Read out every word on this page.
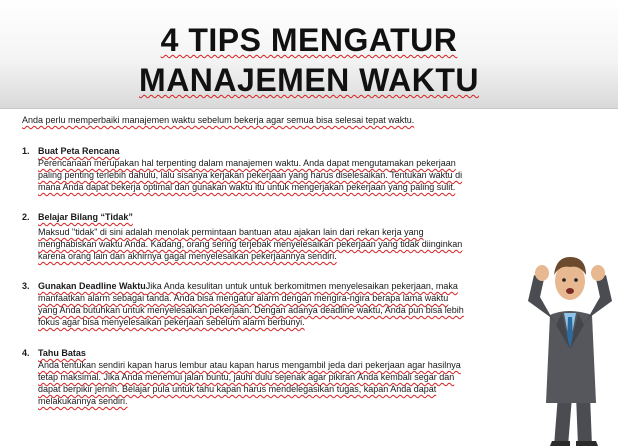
4 TIPS MENGATUR
MANAJEMEN WAKTU
Anda perlu memperbaiki manajemen waktu sebelum bekerja agar semua bisa selesai tepat waktu.
1. Buat Peta Rencana
Perencanaan merupakan hal terpenting dalam manajemen waktu. Anda dapat mengutamakan pekerjaan
paling penting terlebih dahulu, lalu sisanya kerjakan pekerjaan yang harus diselesaikan. Tentukan waktu di
mana Anda dapat bekerja optimal dan gunakan waktu itu untuk mengerjakan pekerjaan yang paling sulit.
2. Belajar Bilang “Tidak”
Maksud "tidak" di sini adalah menolak permintaan bantuan atau ajakan lain dari rekan kerja yang
menghabiskan waktu Anda. Kadang, orang sering terjebak menyelesaikan pekerjaan yang tidak diinginkan
karena orang lain dan akhirnya gagal menyelesaikan pekerjaannya sendiri.
3. Gunakan Deadline WaktuJika Anda kesulitan untuk untuk berkomitmen menyelesaikan pekerjaan, maka
manfaatkan alarm sebagai tanda. Anda bisa mengatur alarm dengan mengira-ngira berapa lama waktu
yang Anda butuhkan untuk menyelesaikan pekerjaan. Dengan adanya deadline waktu, Anda pun bisa lebih
fokus agar bisa menyelesaikan pekerjaan sebelum alarm berbunyi.
4. Tahu Batas
Anda tentukan sendiri kapan harus lembur atau kapan harus mengambil jeda dari pekerjaan agar hasilnya
tetap maksimal. Jika Anda menemui jalan buntu, jauhi dulu sejenak agar pikiran Anda kembali segar dan
dapat berpikir jernih. Belajar pula untuk tahu kapan harus mendelegasikan tugas, kapan Anda dapat
melakukannya sendiri.
